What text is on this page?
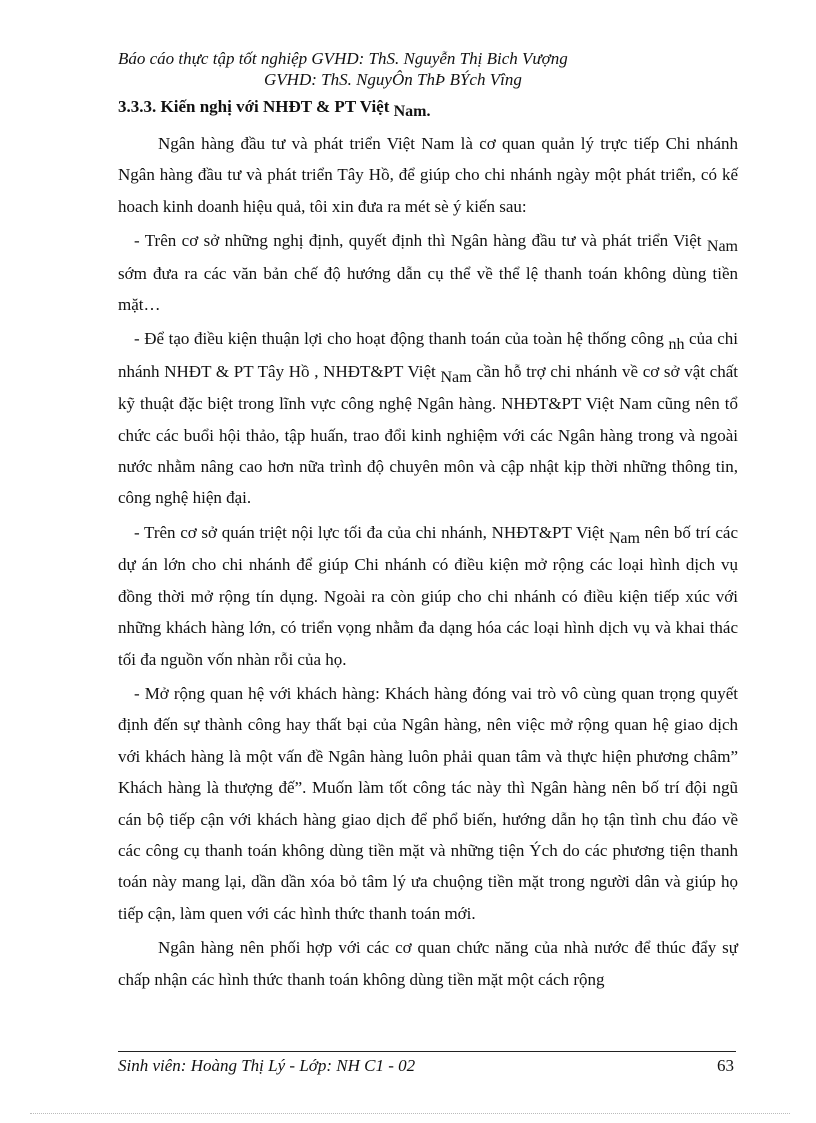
Báo cáo thực tập tốt nghiệp GVHD: ThS. Nguyễn Thị Bich Vượng
GVHD: ThS. NguyÔn ThÞ BÝch Vîng
3.3.3. Kiến nghị với NHĐT & PT Việt Nam.

Ngân hàng đầu tư và phát triển Việt Nam là cơ quan quản lý trực tiếp Chi nhánh Ngân hàng đầu tư và phát triển Tây Hồ, để giúp cho chi nhánh ngày một phát triển, có kế hoach kinh doanh hiệu quả, tôi xin đưa ra mét sè ý kiến sau:

- Trên cơ sở những nghị định, quyết định thì Ngân hàng đầu tư và phát triển Việt Nam sớm đưa ra các văn bản chế độ hướng dẫn cụ thể về thể lệ thanh toán không dùng tiền mặt…

- Để tạo điều kiện thuận lợi cho hoạt động thanh toán của toàn hệ thống công nh của chi nhánh NHĐT & PT Tây Hồ , NHĐT&PT Việt Nam cần hỗ trợ chi nhánh về cơ sở vật chất kỹ thuật đặc biệt trong lĩnh vực công nghệ Ngân hàng. NHĐT&PT Việt Nam cũng nên tổ chức các buổi hội thảo, tập huấn, trao đổi kinh nghiệm với các Ngân hàng trong và ngoài nước nhằm nâng cao hơn nữa trình độ chuyên môn và cập nhật kịp thời những thông tin, công nghệ hiện đại.

- Trên cơ sở quán triệt nội lực tối đa của chi nhánh, NHĐT&PT Việt Nam nên bố trí các dự án lớn cho chi nhánh để giúp Chi nhánh có điều kiện mở rộng các loại hình dịch vụ đồng thời mở rộng tín dụng. Ngoài ra còn giúp cho chi nhánh có điều kiện tiếp xúc với những khách hàng lớn, có triển vọng nhằm đa dạng hóa các loại hình dịch vụ và khai thác tối đa nguồn vốn nhàn rỗi của họ.

- Mở rộng quan hệ với khách hàng: Khách hàng đóng vai trò vô cùng quan trọng quyết định đến sự thành công hay thất bại của Ngân hàng, nên việc mở rộng quan hệ giao dịch với khách hàng là một vấn đề Ngân hàng luôn phải quan tâm và thực hiện phương châm” Khách hàng là thượng đế”. Muốn làm tốt công tác này thì Ngân hàng nên bố trí đội ngũ cán bộ tiếp cận với khách hàng giao dịch để phổ biến, hướng dẫn họ tận tình chu đáo về các công cụ thanh toán không dùng tiền mặt và những tiện Ých do các phương tiện thanh toán này mang lại, dần dần xóa bỏ tâm lý ưa chuộng tiền mặt trong người dân và giúp họ tiếp cận, làm quen với các hình thức thanh toán mới.

Ngân hàng nên phối hợp với các cơ quan chức năng của nhà nước để thúc đẩy sự chấp nhận các hình thức thanh toán không dùng tiền mặt một cách rộng

Sinh viên: Hoàng Thị Lý - Lớp: NH C1 - 02	63
